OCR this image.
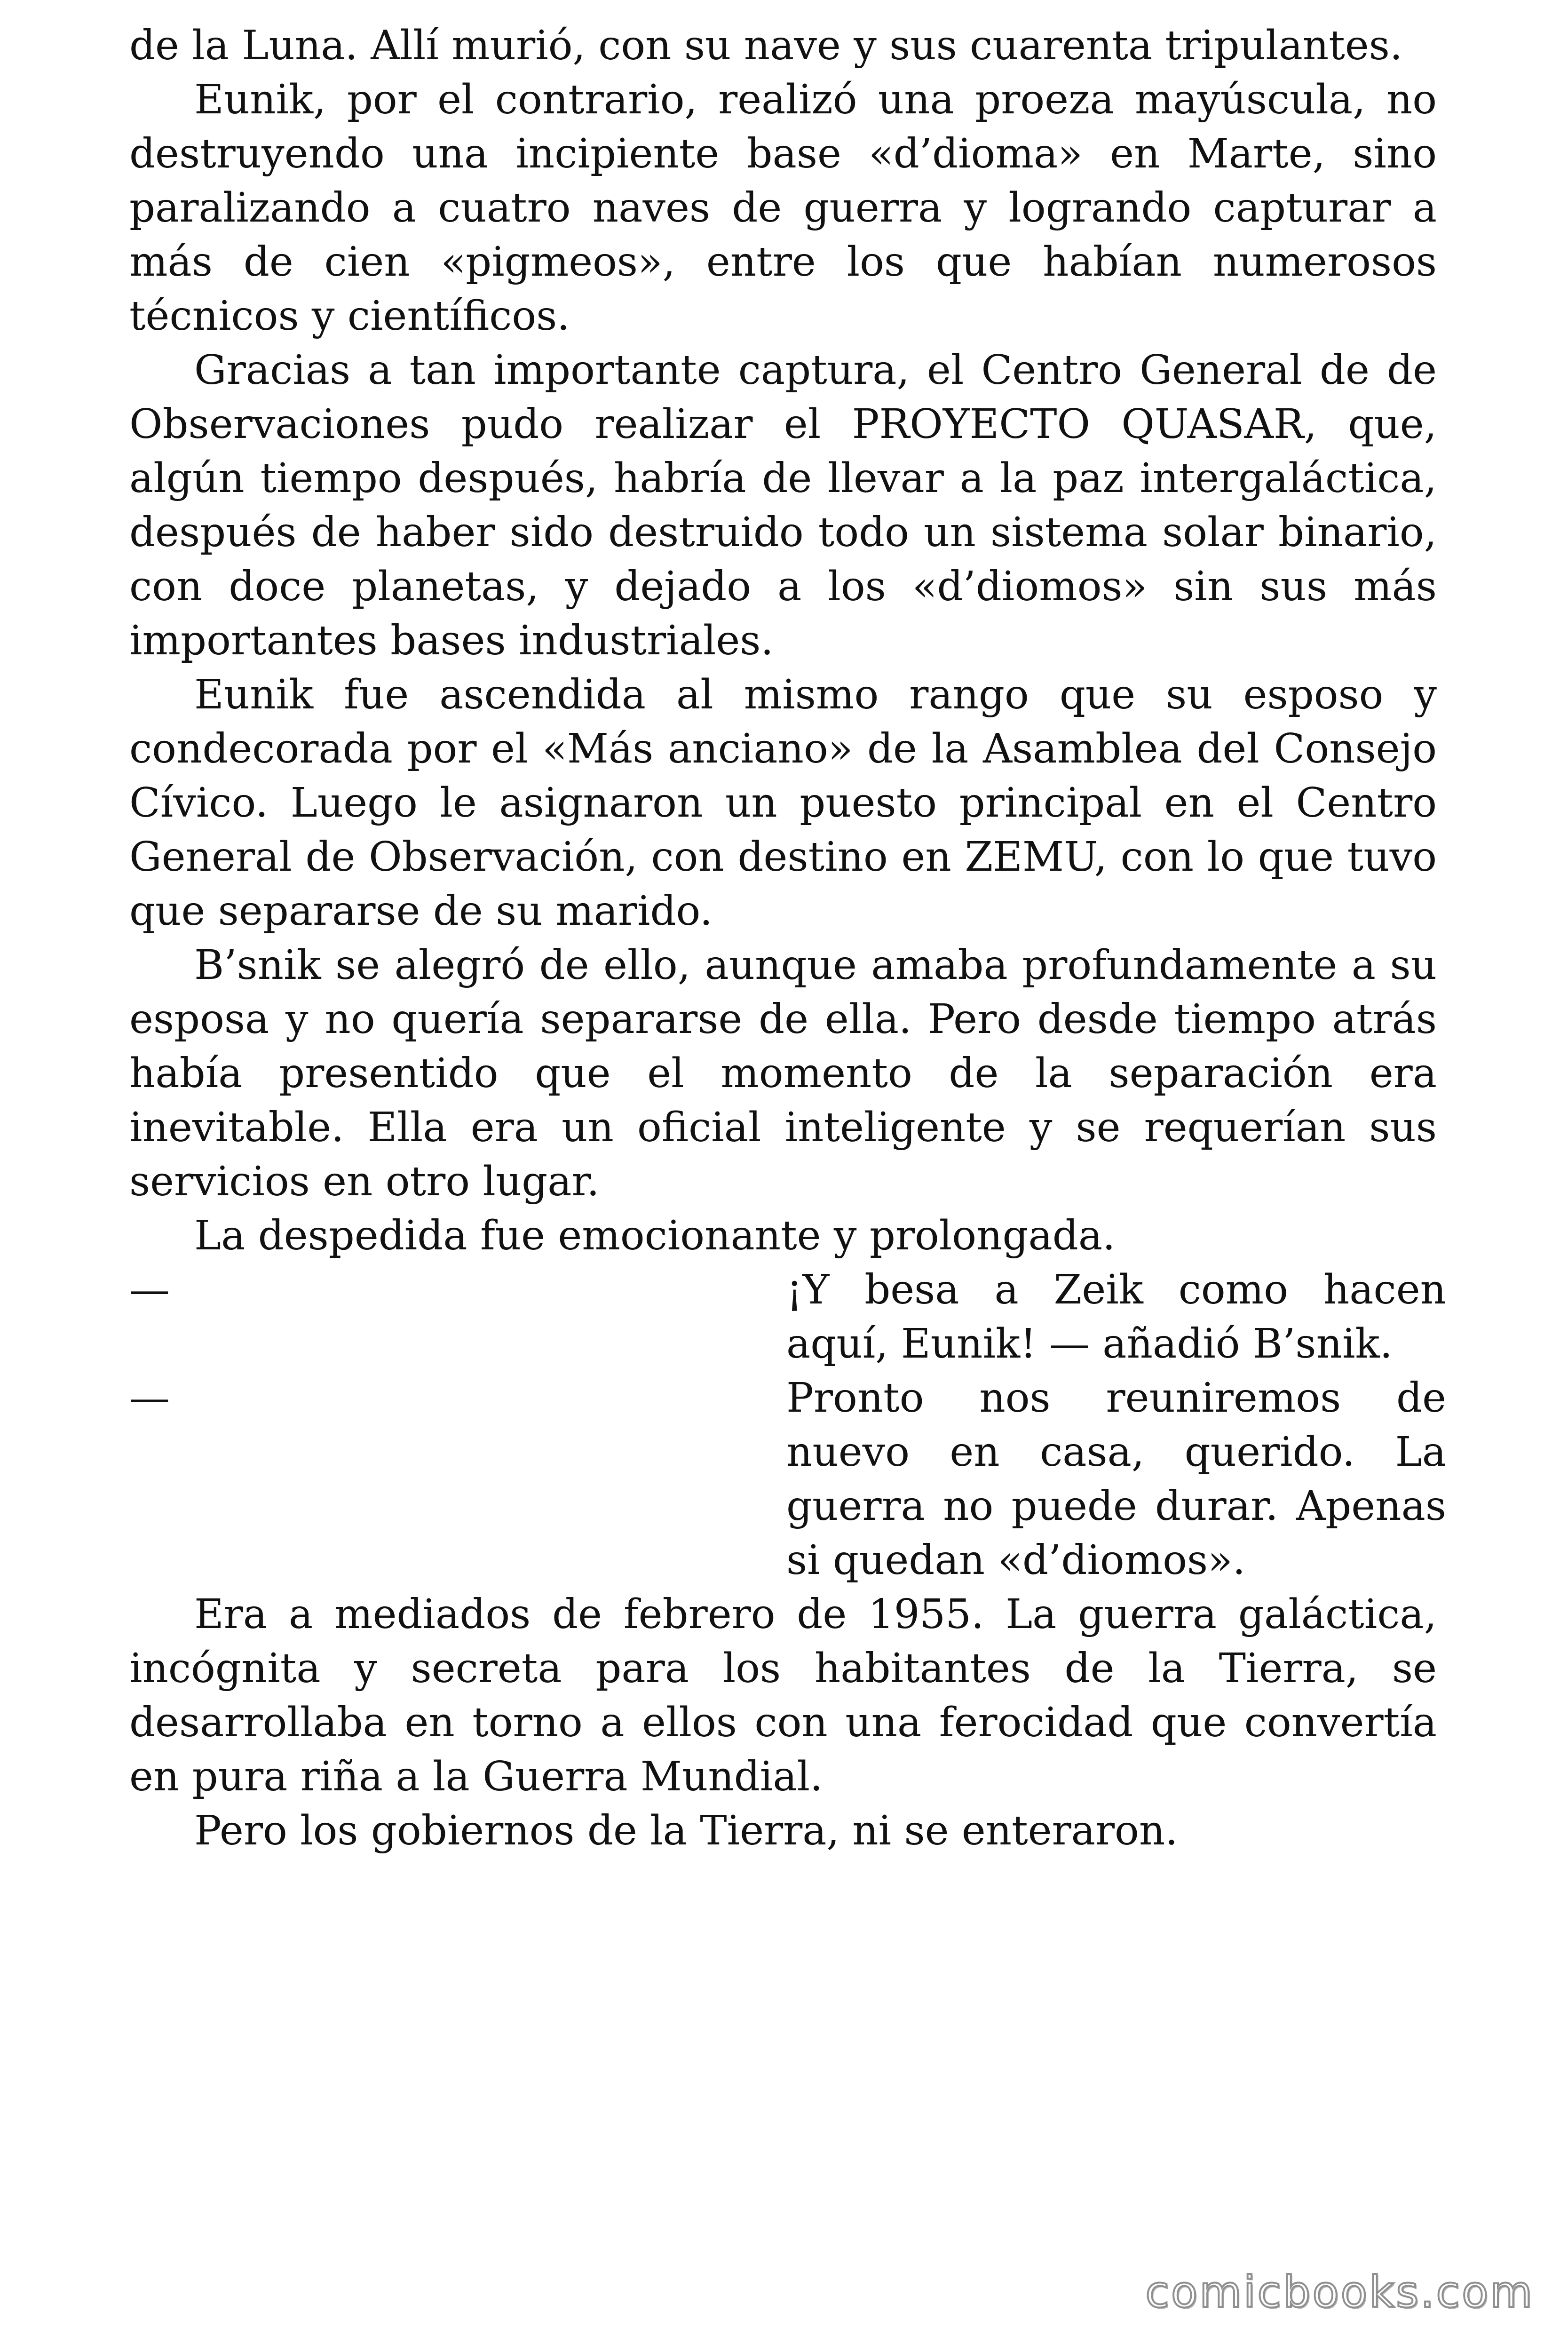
de la Luna. Allí murió, con su nave y sus cuarenta tripulantes.

Eunik, por el contrario, realizó una proeza mayúscula, no destruyendo una incipiente base «d’dioma» en Marte, sino paralizando a cuatro naves de guerra y logrando capturar a más de cien «pigmeos», entre los que habían numerosos técnicos y científicos.

Gracias a tan importante captura, el Centro General de de Observaciones pudo realizar el PROYECTO QUASAR, que, algún tiempo después, habría de llevar a la paz intergaláctica, después de haber sido destruido todo un sistema solar binario, con doce planetas, y dejado a los «d’diomos» sin sus más importantes bases industriales.

Eunik fue ascendida al mismo rango que su esposo y condecorada por el «Más anciano» de la Asamblea del Consejo Cívico. Luego le asignaron un puesto principal en el Centro General de Observación, con destino en ZEMU, con lo que tuvo que separarse de su marido.

B’snik se alegró de ello, aunque amaba profundamente a su esposa y no quería separarse de ella. Pero desde tiempo atrás había presentido que el momento de la separación era inevitable. Ella era un oficial inteligente y se requerían sus servicios en otro lugar.

La despedida fue emocionante y prolongada.

—	¡Y besa a Zeik como hacen aquí, Eunik! — añadió B’snik.
—	Pronto nos reuniremos de nuevo en casa, querido. La guerra no puede durar. Apenas si quedan «d’diomos».

Era a mediados de febrero de 1955. La guerra galáctica, incógnita y secreta para los habitantes de la Tierra, se desarrollaba en torno a ellos con una ferocidad que convertía en pura riña a la Guerra Mundial.

Pero los gobiernos de la Tierra, ni se enteraron.

comicbooks.com
